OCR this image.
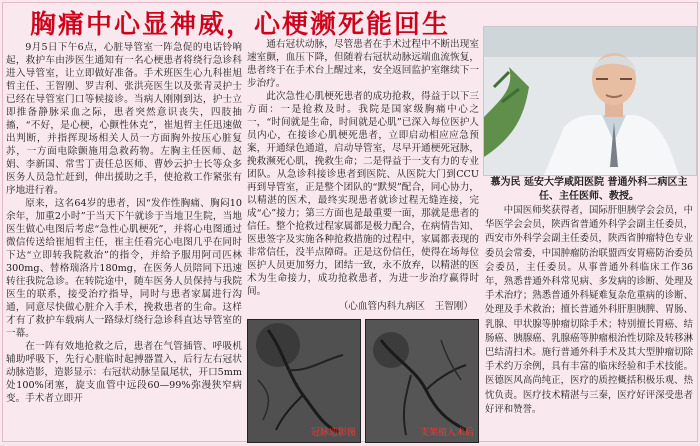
胸痛中心显神威，心梗濒死能回生

9月5日下午6点，心脏导管室一阵急促的电话铃响起，救护车由涉医生通知有一名心梗患者将绕行急诊科进入导管室，让立即做好准备。手术班医生心九科崔旭哲主任、王智刚、罗吉利、张洪亮医生以及张青灵护士已经在导管室门口等候接诊。当病人刚刚到达，护士立即推备静脉采血之际，患者突然意识丧失，四肢抽搐，“不好，是心梗，心颤性休克”，崔旭哲主任迅速做出判断，并指挥现场相关人员一方面胸外按压心脏复苏，一方面电除颤施用急救药物。左胸主任医师、赵娟、李新国、常雪丁责任总医师、曹妙云护士长等众多医务人员急忙赶到，伸出援助之手，使抢救工作紧张有序地进行着。

原来，这名64岁的患者，因“发作性胸痛、胸闷10余年，加重2小时”于当天下午就诊于当地卫生院，当地医生做心电图后考虑“急性心肌梗死”，并将心电图通过微信传送给崔旭哲主任，崔主任看完心电图几乎在同时下达“立即转我院救治”的指令，并给予服用阿司匹林300mg、替格瑞洛片180mg，在医务人员陪同下迅速转往我院急诊。在转院途中，随车医务人员保持与我院医生的联系，接受治疗指导，同时与患者家属进行沟通，同意尽快做心脏介入手术，挽救患者的生命。这样才有了救护车载病人一路绿灯绕行急诊科直达导管室的一幕。

在一阵有效地抢救之后，患者在气管插管、呼吸机辅助呼吸下，先行心脏临时起搏器置入，后行左右冠状动脉造影，造影显示：右冠状动脉呈鼠尾状，开口5mm处100%闭塞，旋支血管中远段60—99%弥漫狭窄病变。手术者立即开

通右冠状动脉，尽管患者在手术过程中不断出现室速室颤，血压下降，但随着右冠状动脉远端血流恢复，患者终于在手术台上醒过来，安全返回监护室继续下一步治疗。

此次急性心肌梗死患者的成功抢救，得益于以下三方面：一是抢救及时。我院是国家级胸痛中心之一，“时间就是生命，时间就是心肌”已深入每位医护人员内心，在接诊心肌梗死患者，立即启动相应应急预案，开通绿色通道，启动导管室，尽早开通梗死冠脉，挽救濒死心肌，挽救生命；二是得益于一支有力的专业团队。从急诊科接诊患者到医院、从医院大门到CCU再到导管室，正是整个团队的“默契”配合，同心协力，以精湛的医术，最终实现患者就诊过程无缝连接，完成“心”接力；第三方面也是最重要一面，那就是患者的信任。整个抢救过程家属都是极力配合，在病情告知、医患签字及实施各种抢救措施的过程中，家属都表现的非常信任，没半点障碍。正是这份信任，使得在场每位医护人员更加努力，团结一致，永不放弃，以精湛的医术为生命接力，成功抢救患者，为进一步治疗赢得时间。

（心血管内科九病区　王智刚）
冠脉造影图	支架植入术后
慕为民 延安大学咸阳医院 普通外科二病区主任、主任医师、教授。

中国医师奖获得者，国际肝胆胰学会会员，中华医学会会员，陕西省普通外科学会副主任委员，西安市外科学会副主任委员，陕西省肿瘤特色专业委员会常委，中国肿瘤防治联盟西安胃癌防治委员会委员，主任委员。从事普通外科临床工作36年，熟悉普通外科常见病、多发病的诊断、处理及手术治疗；熟悉普通外科疑难复杂危重病的诊断、处理及手术救治；擅长普通外科肝胆胰脾、胃肠、乳腺、甲状腺等肿瘤切除手术；特别擅长胃癌、结肠癌、胰腺癌、乳腺癌等肿瘤根治性切除及转移淋巴结清扫术。施行普通外科手术及其大型肿瘤切除手术约万余例，具有丰富的临床经验和手术技能。医德医风高尚纯正，医疗的质控概括积极乐观、热忱负责。医疗技术精湛与三秦，医疗好评深受患者好评和赞誉。
